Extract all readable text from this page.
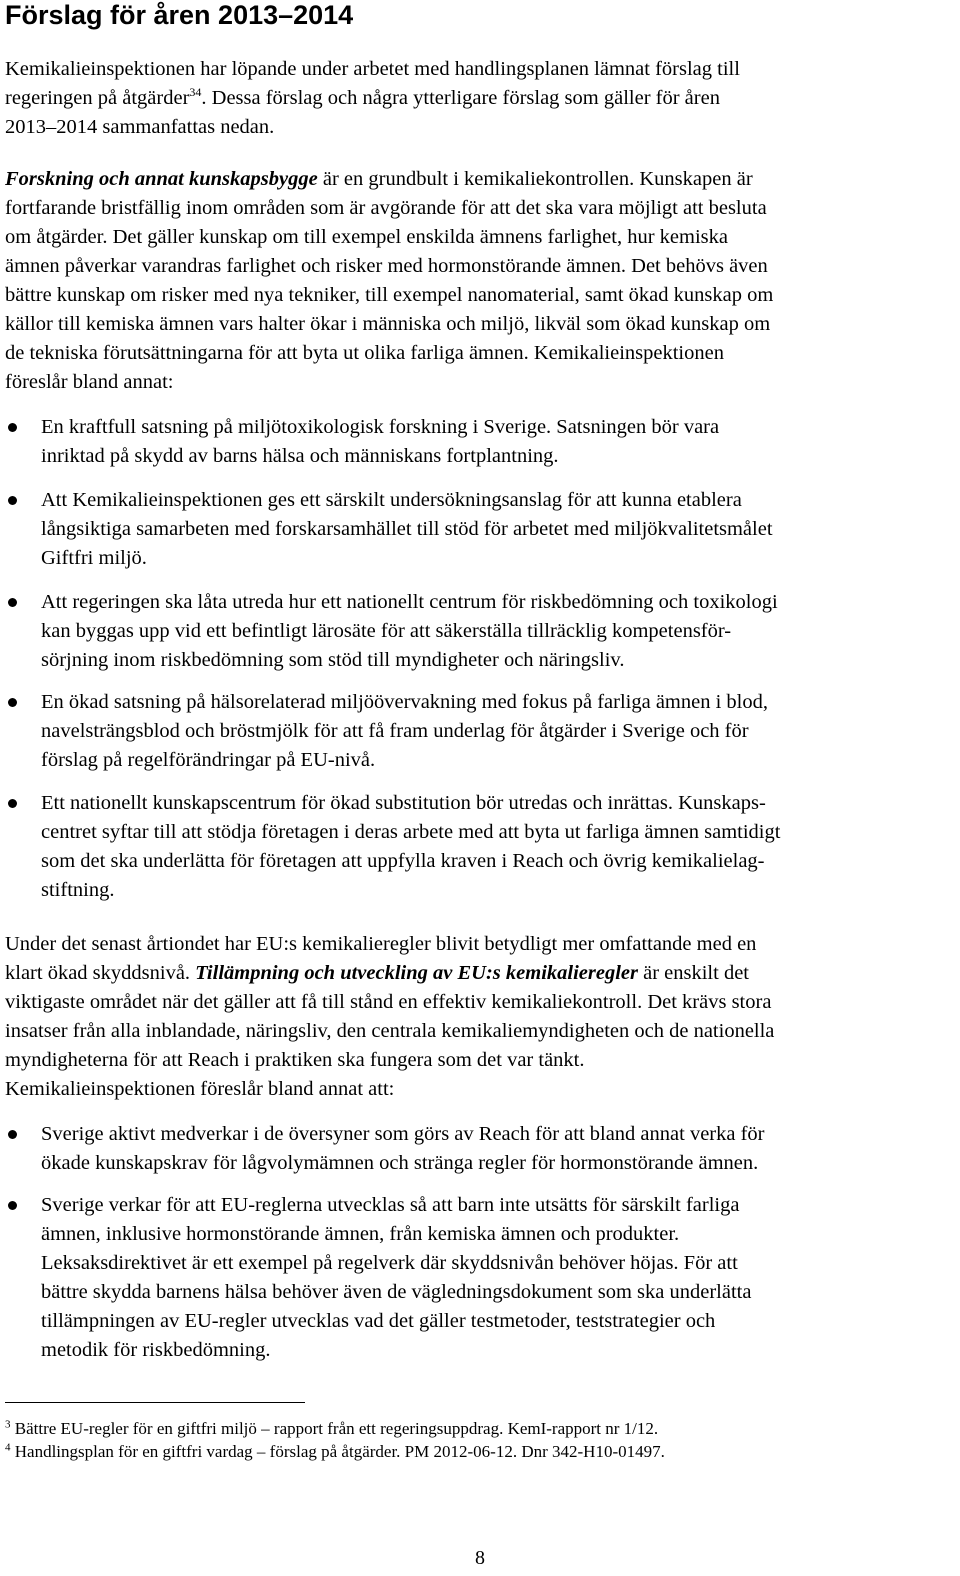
Förslag för åren 2013–2014
Kemikalieinspektionen har löpande under arbetet med handlingsplanen lämnat förslag till
regeringen på åtgärder$^{34}$. Dessa förslag och några ytterligare förslag som gäller för åren
2013–2014 sammanfattas nedan.
Forskning och annat kunskapsbygge är en grundbult i kemikaliekontrollen. Kunskapen är
fortfarande bristfällig inom områden som är avgörande för att det ska vara möjligt att besluta
om åtgärder. Det gäller kunskap om till exempel enskilda ämnens farlighet, hur kemiska
ämnen påverkar varandras farlighet och risker med hormonstörande ämnen. Det behövs även
bättre kunskap om risker med nya tekniker, till exempel nanomaterial, samt ökad kunskap om
källor till kemiska ämnen vars halter ökar i människa och miljö, likväl som ökad kunskap om
de tekniska förutsättningarna för att byta ut olika farliga ämnen. Kemikalieinspektionen
föreslår bland annat:
En kraftfull satsning på miljötoxikologisk forskning i Sverige. Satsningen bör vara
inriktad på skydd av barns hälsa och människans fortplantning.
Att Kemikalieinspektionen ges ett särskilt undersökningsanslag för att kunna etablera
långsiktiga samarbeten med forskarsamhället till stöd för arbetet med miljökvalitetsmålet
Giftfri miljö.
Att regeringen ska låta utreda hur ett nationellt centrum för riskbedömning och toxikologi
kan byggas upp vid ett befintligt lärosäte för att säkerställa tillräcklig kompetensför-
sörjning inom riskbedömning som stöd till myndigheter och näringsliv.
En ökad satsning på hälsorelaterad miljöövervakning med fokus på farliga ämnen i blod,
navelsträngsblod och bröstmjölk för att få fram underlag för åtgärder i Sverige och för
förslag på regelförändringar på EU-nivå.
Ett nationellt kunskapscentrum för ökad substitution bör utredas och inrättas. Kunskaps-
centret syftar till att stödja företagen i deras arbete med att byta ut farliga ämnen samtidigt
som det ska underlätta för företagen att uppfylla kraven i Reach och övrig kemikalielag-
stiftning.
Under det senast årtiondet har EU:s kemikalieregler blivit betydligt mer omfattande med en
klart ökad skyddsnivå. Tillämpning och utveckling av EU:s kemikalieregler är enskilt det
viktigaste området när det gäller att få till stånd en effektiv kemikaliekontroll. Det krävs stora
insatser från alla inblandade, näringsliv, den centrala kemikaliemyndigheten och de nationella
myndigheterna för att Reach i praktiken ska fungera som det var tänkt.
Kemikalieinspektionen föreslår bland annat att:
Sverige aktivt medverkar i de översyner som görs av Reach för att bland annat verka för
ökade kunskapskrav för lågvolymämnen och stränga regler för hormonstörande ämnen.
Sverige verkar för att EU-reglerna utvecklas så att barn inte utsätts för särskilt farliga
ämnen, inklusive hormonstörande ämnen, från kemiska ämnen och produkter.
Leksaksdirektivet är ett exempel på regelverk där skyddsnivån behöver höjas. För att
bättre skydda barnens hälsa behöver även de vägledningsdokument som ska underlätta
tillämpningen av EU-regler utvecklas vad det gäller testmetoder, teststrategier och
metodik för riskbedömning.
$^3$ Bättre EU-regler för en giftfri miljö – rapport från ett regeringsuppdrag. KemI-rapport nr 1/12.
$^4$ Handlingsplan för en giftfri vardag – förslag på åtgärder. PM 2012-06-12. Dnr 342-H10-01497.
8
